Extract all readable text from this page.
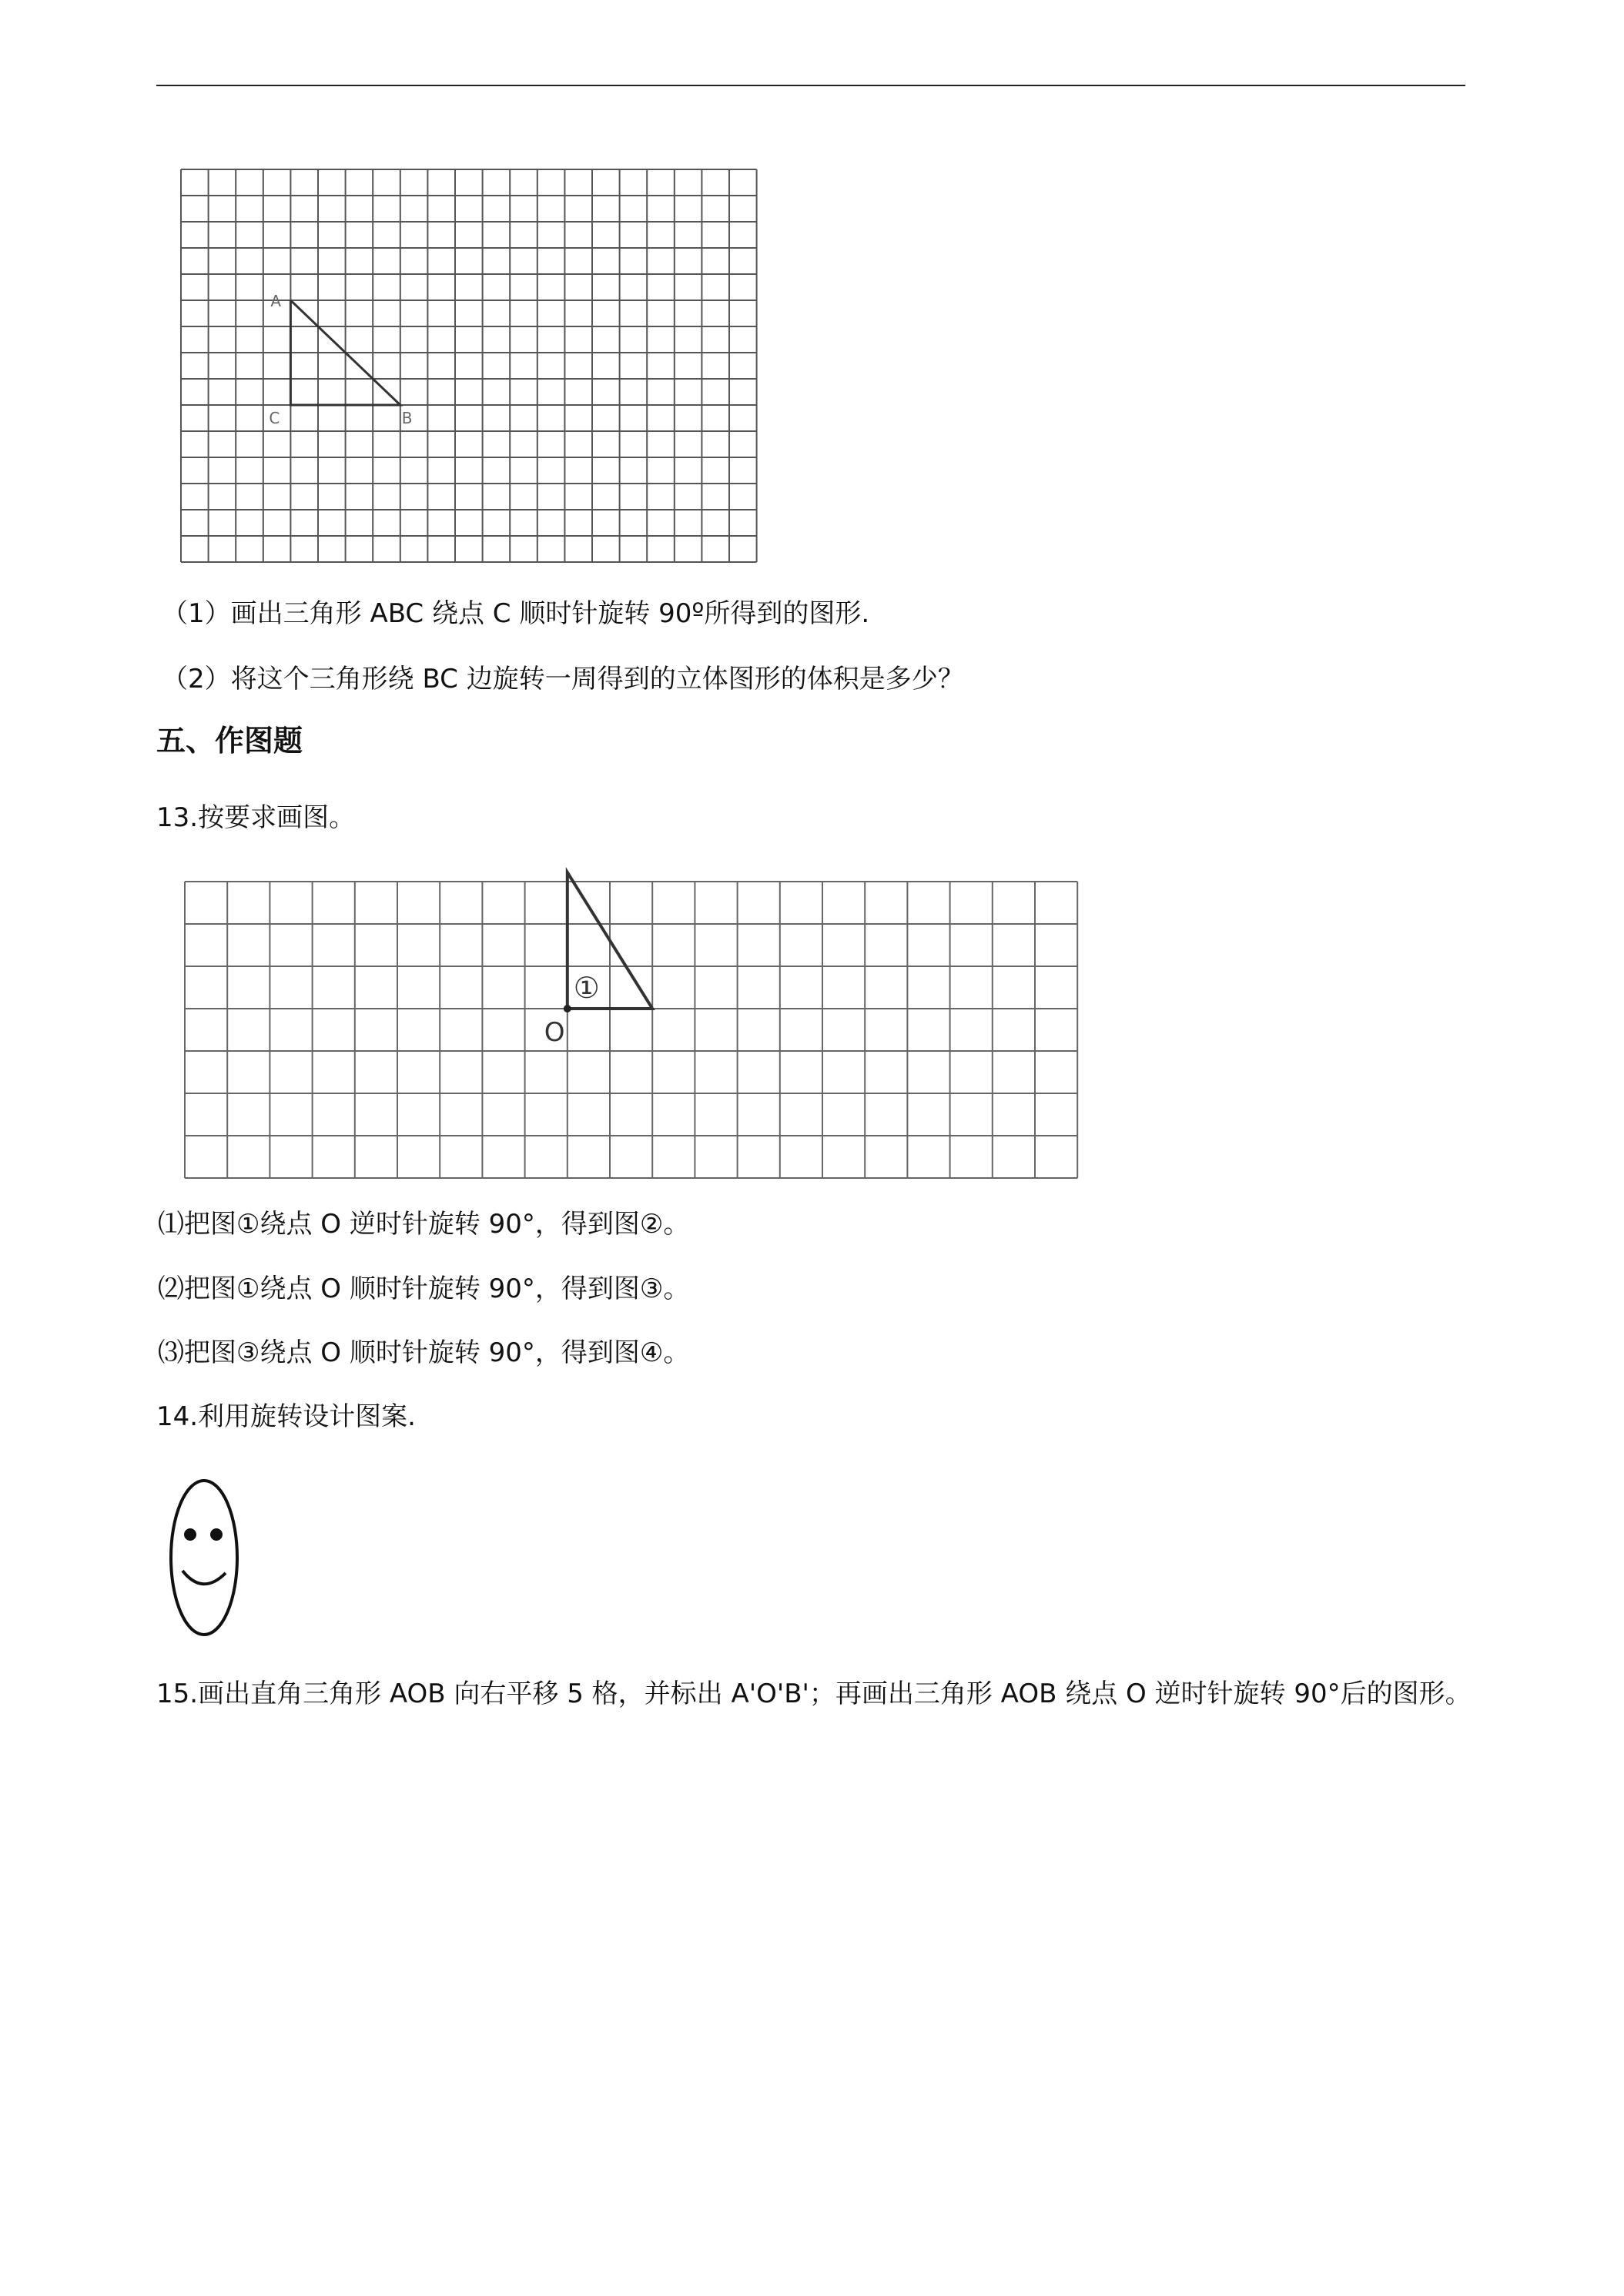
A
C	B
（1）画出三角形 ABC 绕点 C 顺时针旋转 90º所得到的图形.
（2）将这个三角形绕 BC 边旋转一周得到的立体图形的体积是多少？
五、作图题
13.按要求画图。
O
①
⑴把图①绕点 O 逆时针旋转 90°，得到图②。
⑵把图①绕点 O 顺时针旋转 90°，得到图③。
⑶把图③绕点 O 顺时针旋转 90°，得到图④。
14.利用旋转设计图案.
15.画出直角三角形 AOB 向右平移 5 格，并标出 A'O'B'；再画出三角形 AOB 绕点 O 逆时针旋转 90°后的图形。
